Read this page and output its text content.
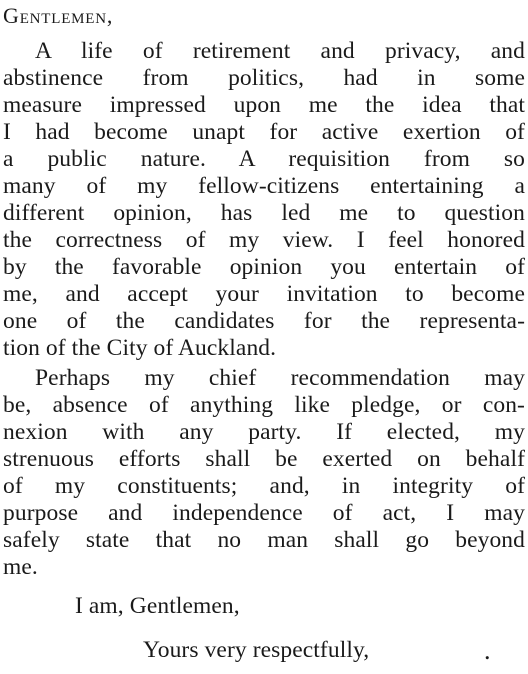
Gentlemen,
A life of retirement and privacy, and
abstinence from politics, had in some
measure impressed upon me the idea that
I had become unapt for active exertion of
a public nature. A requisition from so
many of my fellow-citizens entertaining a
different opinion, has led me to question
the correctness of my view. I feel honored
by the favorable opinion you entertain of
me, and accept your invitation to become
one of the candidates for the representa-
tion of the City of Auckland.
Perhaps my chief recommendation may
be, absence of anything like pledge, or con-
nexion with any party. If elected, my
strenuous efforts shall be exerted on behalf
of my constituents; and, in integrity of
purpose and independence of act, I may
safely state that no man shall go beyond
me.
I am, Gentlemen,
Yours very respectfully,	.
